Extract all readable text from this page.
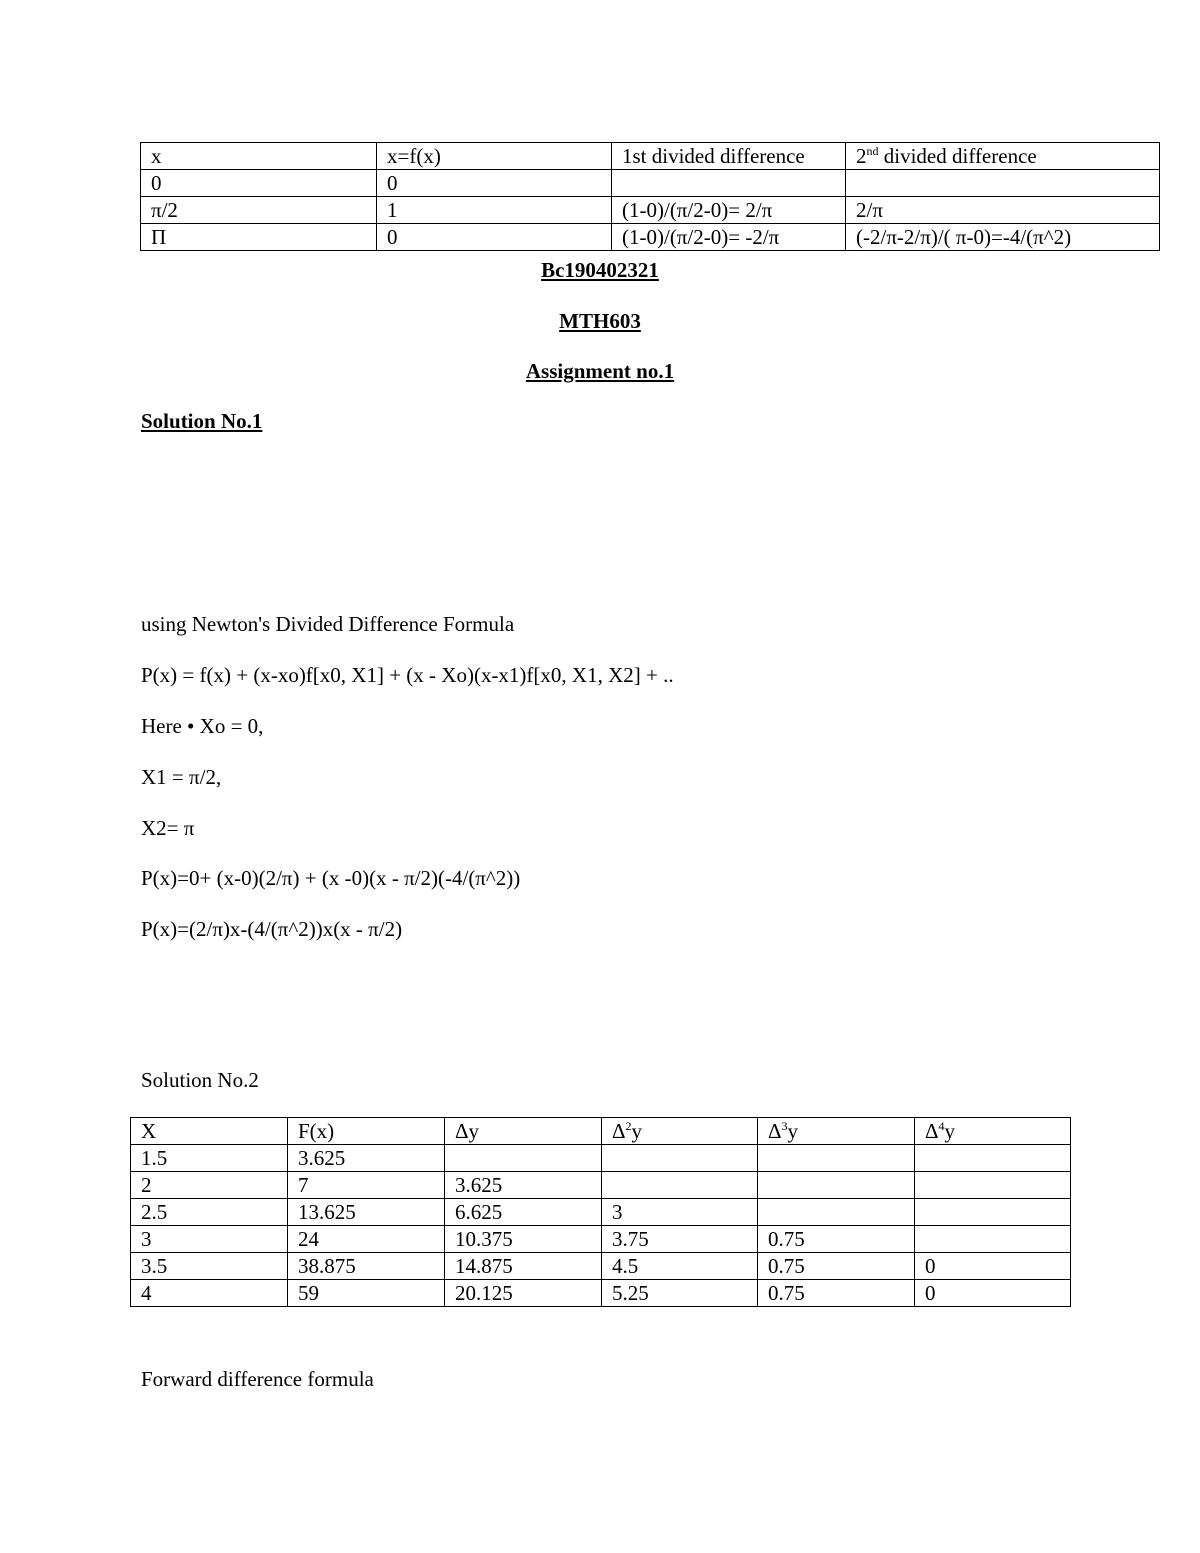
x	x=f(x)	1st divided difference	2nd divided difference
0	0		
π/2	1	(1-0)/(π/2-0)= 2/π	2/π
Π	0	(1-0)/(π/2-0)= -2/π	(-2/π-2/π)/( π-0)=-4/(π^2)
Bc190402321
MTH603
Assignment no.1
Solution No.1
using Newton's Divided Difference Formula
P(x) = f(x) + (x-xo)f[x0, X1] + (x - Xo)(x-x1)f[x0, X1, X2] + ..
Here • Xo = 0,
X1 = π/2,
X2= π
P(x)=0+ (x-0)(2/π) + (x -0)(x - π/2)(-4/(π^2))
P(x)=(2/π)x-(4/(π^2))x(x - π/2)
Solution No.2
X	F(x)	Δy	$\Delta^2y$	$\Delta^3y$	$\Delta^4y$
1.5	3.625				
2	7	3.625			
2.5	13.625	6.625	3		
3	24	10.375	3.75	0.75	
3.5	38.875	14.875	4.5	0.75	0
4	59	20.125	5.25	0.75	0
Forward difference formula
